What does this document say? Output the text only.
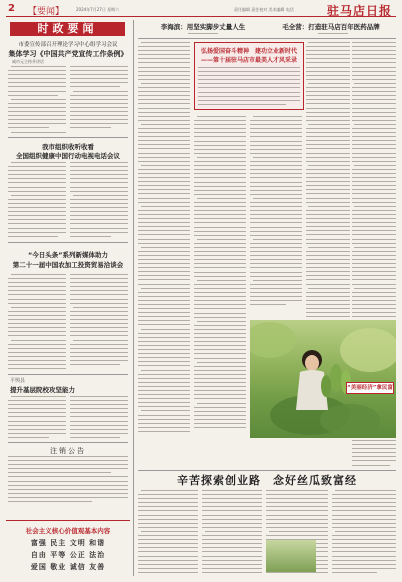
2 【要闻】	2024年7月27日 星期六	责任编辑 责任校对 美术编辑 电话	驻马店日报
时政要闻
市委宣传部召开理论学习中心组学习会议
集体学习《中国共产党宣传工作条例》
威市元主持并讲话
我市组织收听收看
全国组织健康中国行动电视电话会议
“今日头条”系列新媒体助力
第二十一届中国农加工投资贸易洽谈会
平舆县
提升基层院校攻坚能力
注销公告
社会主义核心价值观基本内容
富强 民主 文明 和谐
自由 平等 公正 法治
爱国 敬业 诚信 友善
李海滨：用坚实脚步丈量人生	毛全营：打造驻马店百年医药品牌
弘扬爱国奋斗精神　建功立业新时代
——第十届驻马店市最美人才风采录
“美丽经济”拿民富
辛苦探索创业路　念好丝瓜致富经
